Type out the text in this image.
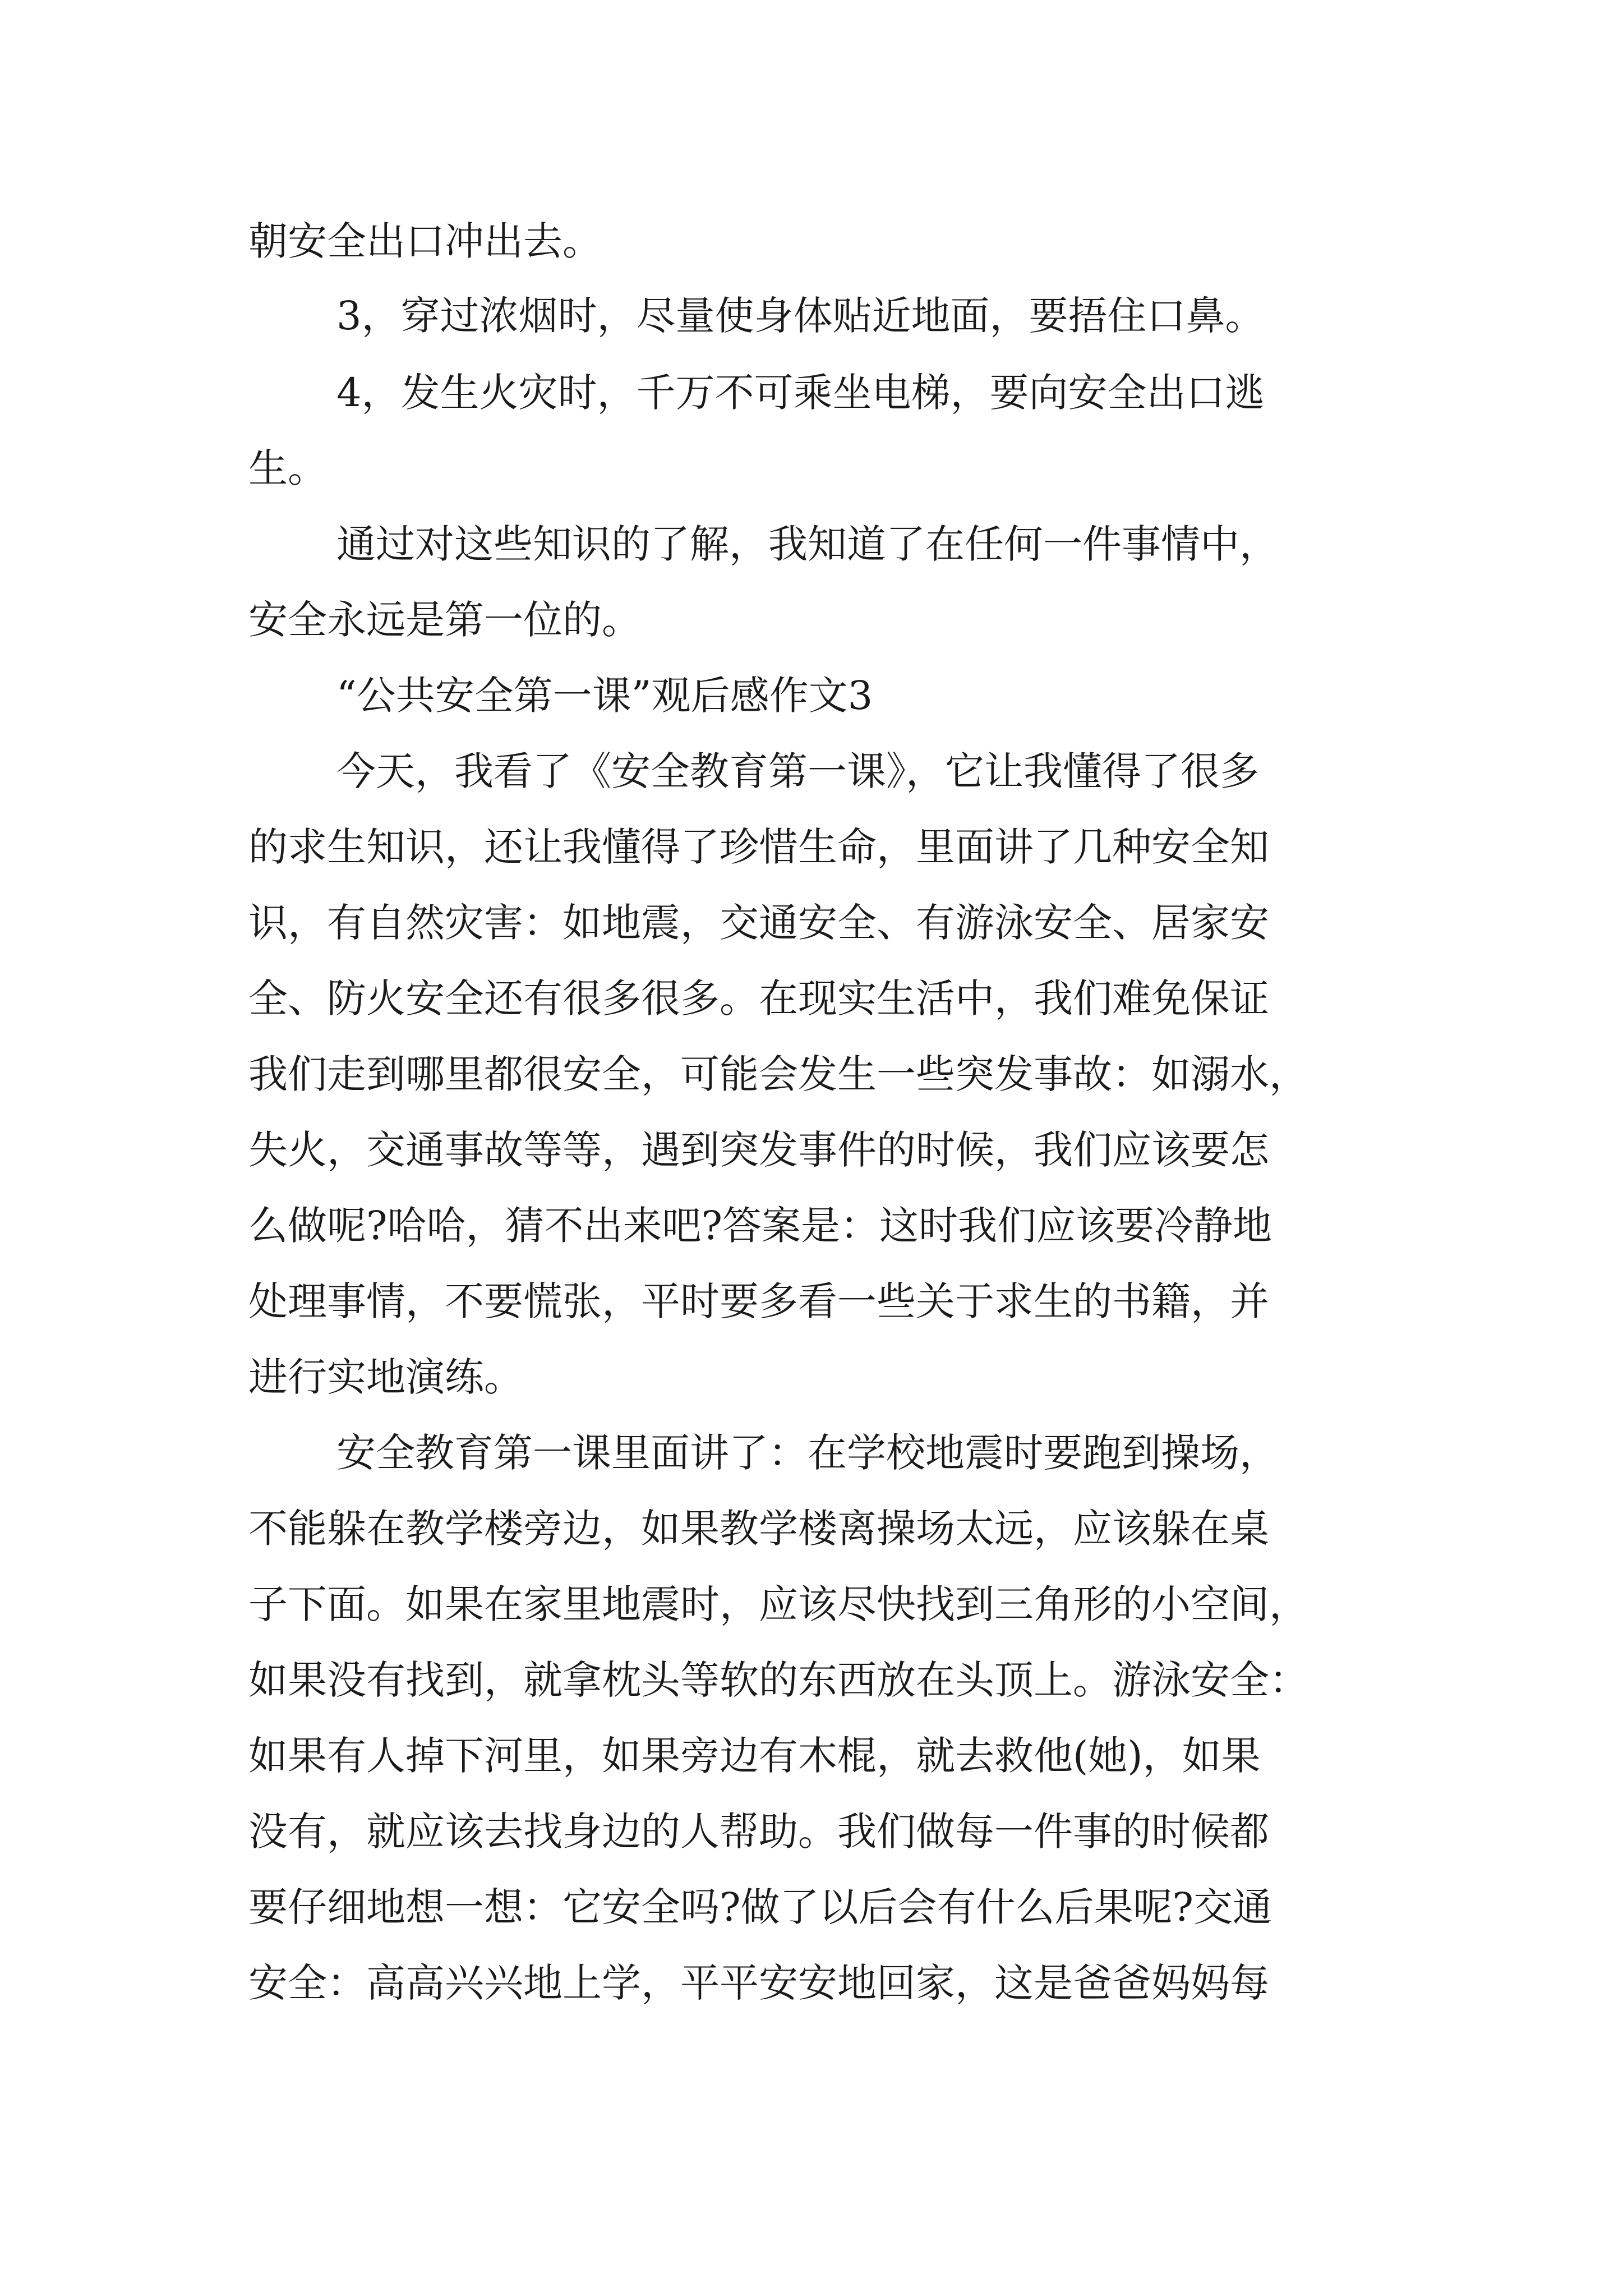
朝安全出口冲出去。

3，穿过浓烟时，尽量使身体贴近地面，要捂住口鼻。

4，发生火灾时，千万不可乘坐电梯，要向安全出口逃

生。

通过对这些知识的了解，我知道了在任何一件事情中，

安全永远是第一位的。

“公共安全第一课”观后感作文3

今天，我看了《安全教育第一课》，它让我懂得了很多

的求生知识，还让我懂得了珍惜生命，里面讲了几种安全知

识，有自然灾害：如地震，交通安全、有游泳安全、居家安

全、防火安全还有很多很多。在现实生活中，我们难免保证

我们走到哪里都很安全，可能会发生一些突发事故：如溺水，

失火，交通事故等等，遇到突发事件的时候，我们应该要怎

么做呢?哈哈，猜不出来吧?答案是：这时我们应该要冷静地

处理事情，不要慌张，平时要多看一些关于求生的书籍，并

进行实地演练。

安全教育第一课里面讲了：在学校地震时要跑到操场，

不能躲在教学楼旁边，如果教学楼离操场太远，应该躲在桌

子下面。如果在家里地震时，应该尽快找到三角形的小空间，

如果没有找到，就拿枕头等软的东西放在头顶上。游泳安全：

如果有人掉下河里，如果旁边有木棍，就去救他(她)，如果

没有，就应该去找身边的人帮助。我们做每一件事的时候都

要仔细地想一想：它安全吗?做了以后会有什么后果呢?交通

安全：高高兴兴地上学，平平安安地回家，这是爸爸妈妈每
